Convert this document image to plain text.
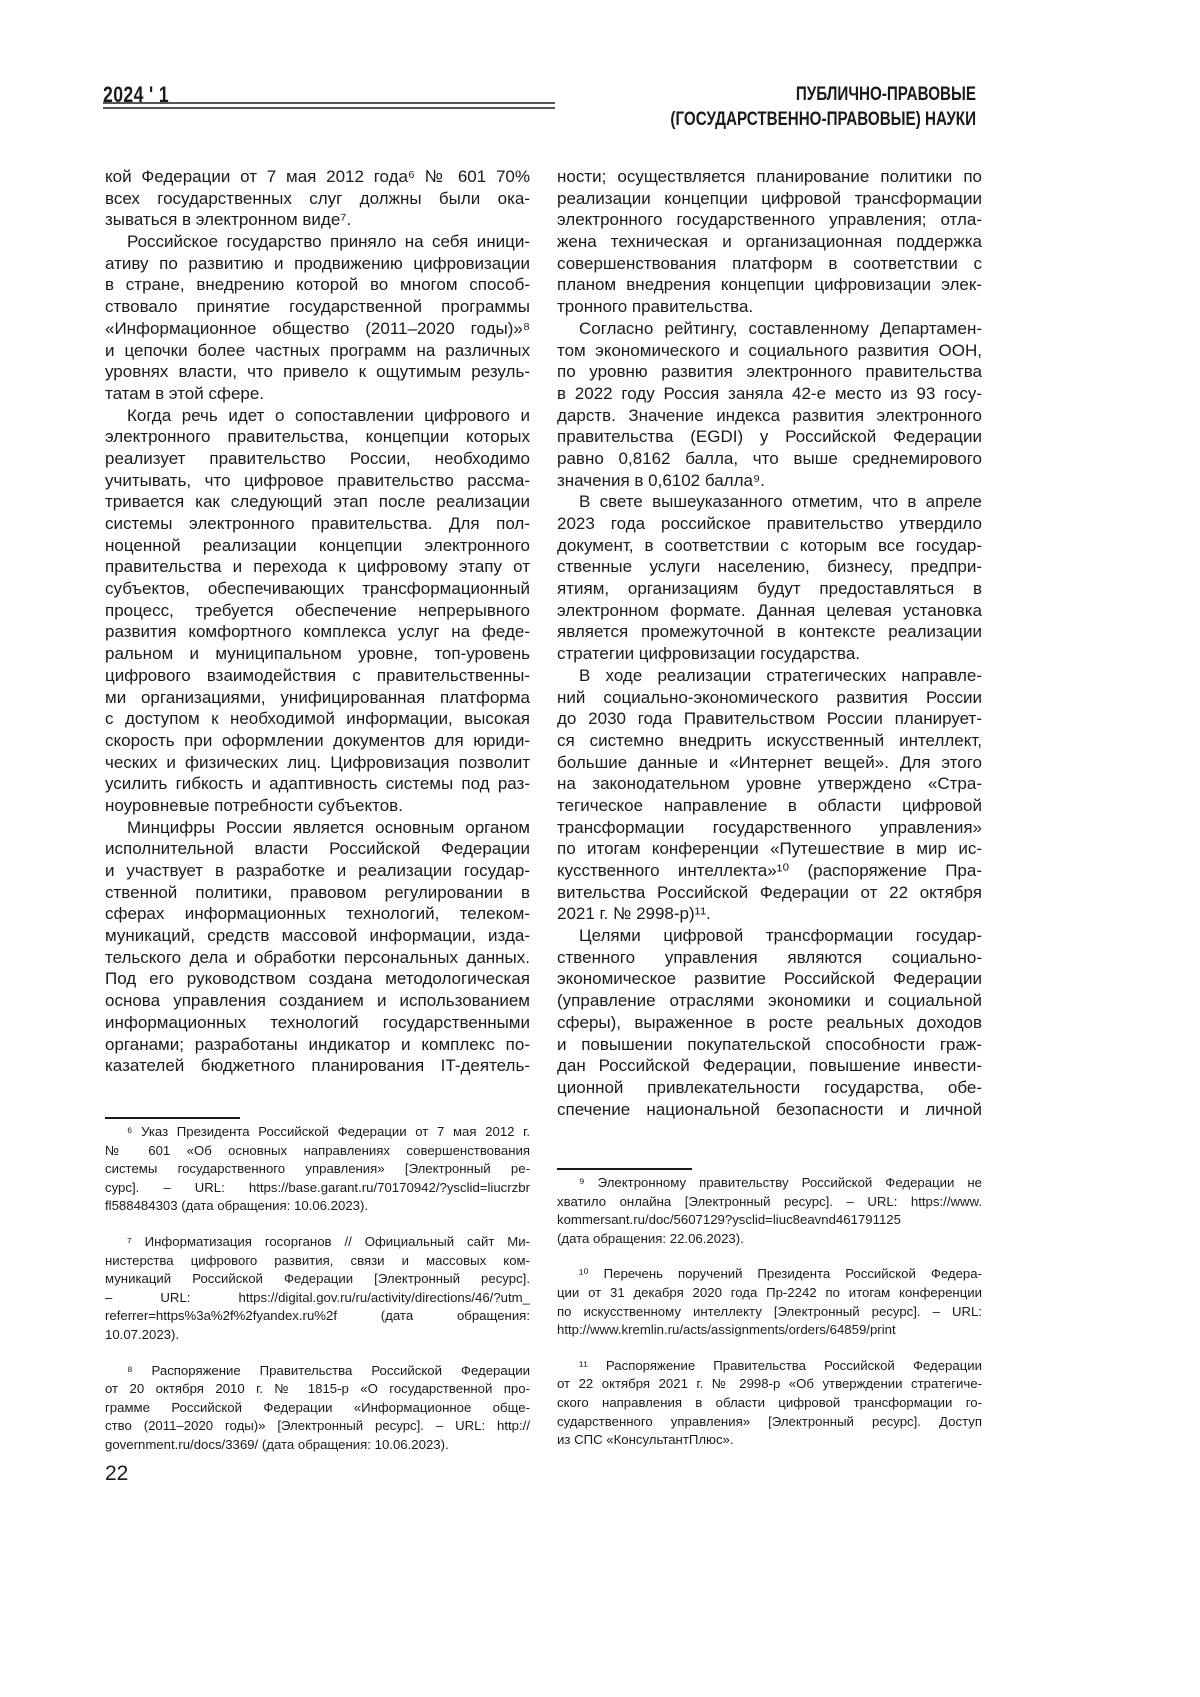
2024 ' 1	ПУБЛИЧНО-ПРАВОВЫЕ
(ГОСУДАРСТВЕННО-ПРАВОВЫЕ) НАУКИ
кой Федерации от 7 мая 2012 года⁶ № 601 70%
всех государственных слуг должны были ока-
зываться в электронном виде⁷.
Российское государство приняло на себя иници-
ативу по развитию и продвижению цифровизации
в стране, внедрению которой во многом способ-
ствовало принятие государственной программы
«Информационное общество (2011–2020 годы)»⁸
и цепочки более частных программ на различных
уровнях власти, что привело к ощутимым резуль-
татам в этой сфере.
Когда речь идет о сопоставлении цифрового и
электронного правительства, концепции которых
реализует правительство России, необходимо
учитывать, что цифровое правительство рассма-
тривается как следующий этап после реализации
системы электронного правительства. Для пол-
ноценной реализации концепции электронного
правительства и перехода к цифровому этапу от
субъектов, обеспечивающих трансформационный
процесс, требуется обеспечение непрерывного
развития комфортного комплекса услуг на феде-
ральном и муниципальном уровне, топ-уровень
цифрового взаимодействия с правительственны-
ми организациями, унифицированная платформа
с доступом к необходимой информации, высокая
скорость при оформлении документов для юриди-
ческих и физических лиц. Цифровизация позволит
усилить гибкость и адаптивность системы под раз-
ноуровневые потребности субъектов.
Минцифры России является основным органом
исполнительной власти Российской Федерации
и участвует в разработке и реализации государ-
ственной политики, правовом регулировании в
сферах информационных технологий, телеком-
муникаций, средств массовой информации, изда-
тельского дела и обработки персональных данных.
Под его руководством создана методологическая
основа управления созданием и использованием
информационных технологий государственными
органами; разработаны индикатор и комплекс по-
казателей бюджетного планирования IT-деятель-
ности; осуществляется планирование политики по
реализации концепции цифровой трансформации
электронного государственного управления; отла-
жена техническая и организационная поддержка
совершенствования платформ в соответствии с
планом внедрения концепции цифровизации элек-
тронного правительства.
Согласно рейтингу, составленному Департамен-
том экономического и социального развития ООН,
по уровню развития электронного правительства
в 2022 году Россия заняла 42-е место из 93 госу-
дарств. Значение индекса развития электронного
правительства (EGDI) у Российской Федерации
равно 0,8162 балла, что выше среднемирового
значения в 0,6102 балла⁹.
В свете вышеуказанного отметим, что в апреле
2023 года российское правительство утвердило
документ, в соответствии с которым все государ-
ственные услуги населению, бизнесу, предпри-
ятиям, организациям будут предоставляться в
электронном формате. Данная целевая установка
является промежуточной в контексте реализации
стратегии цифровизации государства.
В ходе реализации стратегических направле-
ний социально-экономического развития России
до 2030 года Правительством России планирует-
ся системно внедрить искусственный интеллект,
большие данные и «Интернет вещей». Для этого
на законодательном уровне утверждено «Стра-
тегическое направление в области цифровой
трансформации государственного управления»
по итогам конференции «Путешествие в мир ис-
кусственного интеллекта»¹⁰ (распоряжение Пра-
вительства Российской Федерации от 22 октября
2021 г. № 2998-р)¹¹.
Целями цифровой трансформации государ-
ственного управления являются социально-
экономическое развитие Российской Федерации
(управление отраслями экономики и социальной
сферы), выраженное в росте реальных доходов
и повышении покупательской способности граж-
дан Российской Федерации, повышение инвести-
ционной привлекательности государства, обе-
спечение национальной безопасности и личной
⁶ Указ Президента Российской Федерации от 7 мая 2012 г.
№ 601 «Об основных направлениях совершенствования
системы государственного управления» [Электронный ре-
сурс]. – URL: https://base.garant.ru/70170942/?ysclid=liucrzbr
fl588484303 (дата обращения: 10.06.2023).
⁷ Информатизация госорганов // Официальный сайт Ми-
нистерства цифрового развития, связи и массовых ком-
муникаций Российской Федерации [Электронный ресурс].
– URL: https://digital.gov.ru/ru/activity/directions/46/?utm_
referrer=https%3a%2f%2fyandex.ru%2f (дата обращения:
10.07.2023).
⁸ Распоряжение Правительства Российской Федерации
от 20 октября 2010 г. № 1815-р «О государственной про-
грамме Российской Федерации «Информационное обще-
ство (2011–2020 годы)» [Электронный ресурс]. – URL: http://
government.ru/docs/3369/ (дата обращения: 10.06.2023).
⁹ Электронному правительству Российской Федерации не
хватило онлайна [Электронный ресурс]. – URL: https://www.
kommersant.ru/doc/5607129?ysclid=liuc8eavnd461791125
(дата обращения: 22.06.2023).
¹⁰ Перечень поручений Президента Российской Федера-
ции от 31 декабря 2020 года Пр-2242 по итогам конференции
по искусственному интеллекту [Электронный ресурс]. – URL:
http://www.kremlin.ru/acts/assignments/orders/64859/print
¹¹ Распоряжение Правительства Российской Федерации
от 22 октября 2021 г. № 2998-р «Об утверждении стратегиче-
ского направления в области цифровой трансформации го-
сударственного управления» [Электронный ресурс]. Доступ
из СПС «КонсультантПлюс».
22
